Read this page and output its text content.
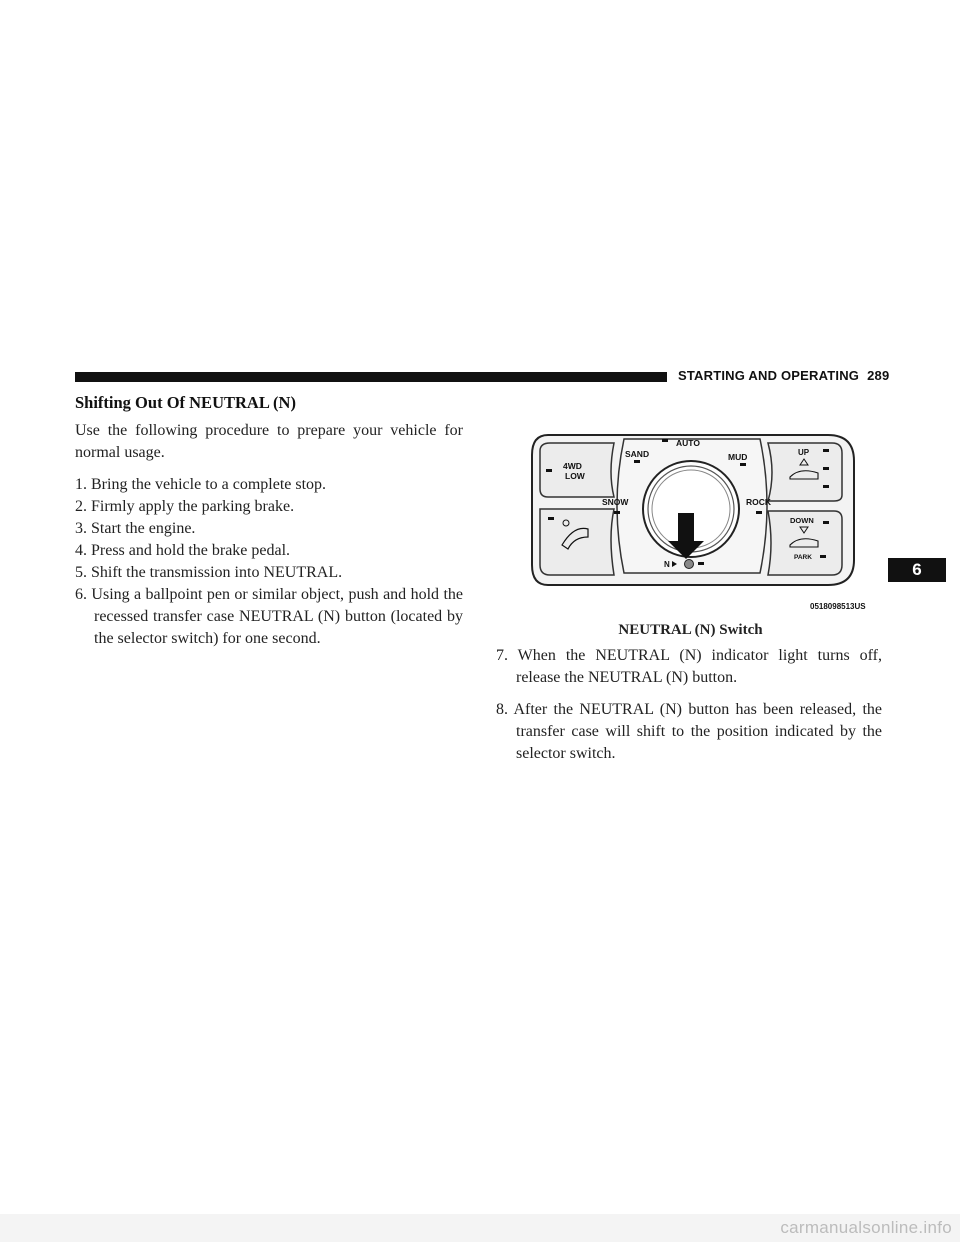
STARTING AND OPERATING 289
Shifting Out Of NEUTRAL (N)

Use the following procedure to prepare your vehicle for normal usage.

1. Bring the vehicle to a complete stop.

2. Firmly apply the parking brake.

3. Start the engine.

4. Press and hold the brake pedal.

5. Shift the transmission into NEUTRAL.

6. Using a ballpoint pen or similar object, push and hold the recessed transfer case NEUTRAL (N) button (located by the selector switch) for one second.

N
4WD
LOW
SAND
AUTO
MUD
SNOW	ROCK
UP
DOWN
PARK
0518098513US
NEUTRAL (N) Switch

7. When the NEUTRAL (N) indicator light turns off, release the NEUTRAL (N) button.

8. After the NEUTRAL (N) button has been released, the transfer case will shift to the position indicated by the selector switch.

6
carmanualsonline.info
